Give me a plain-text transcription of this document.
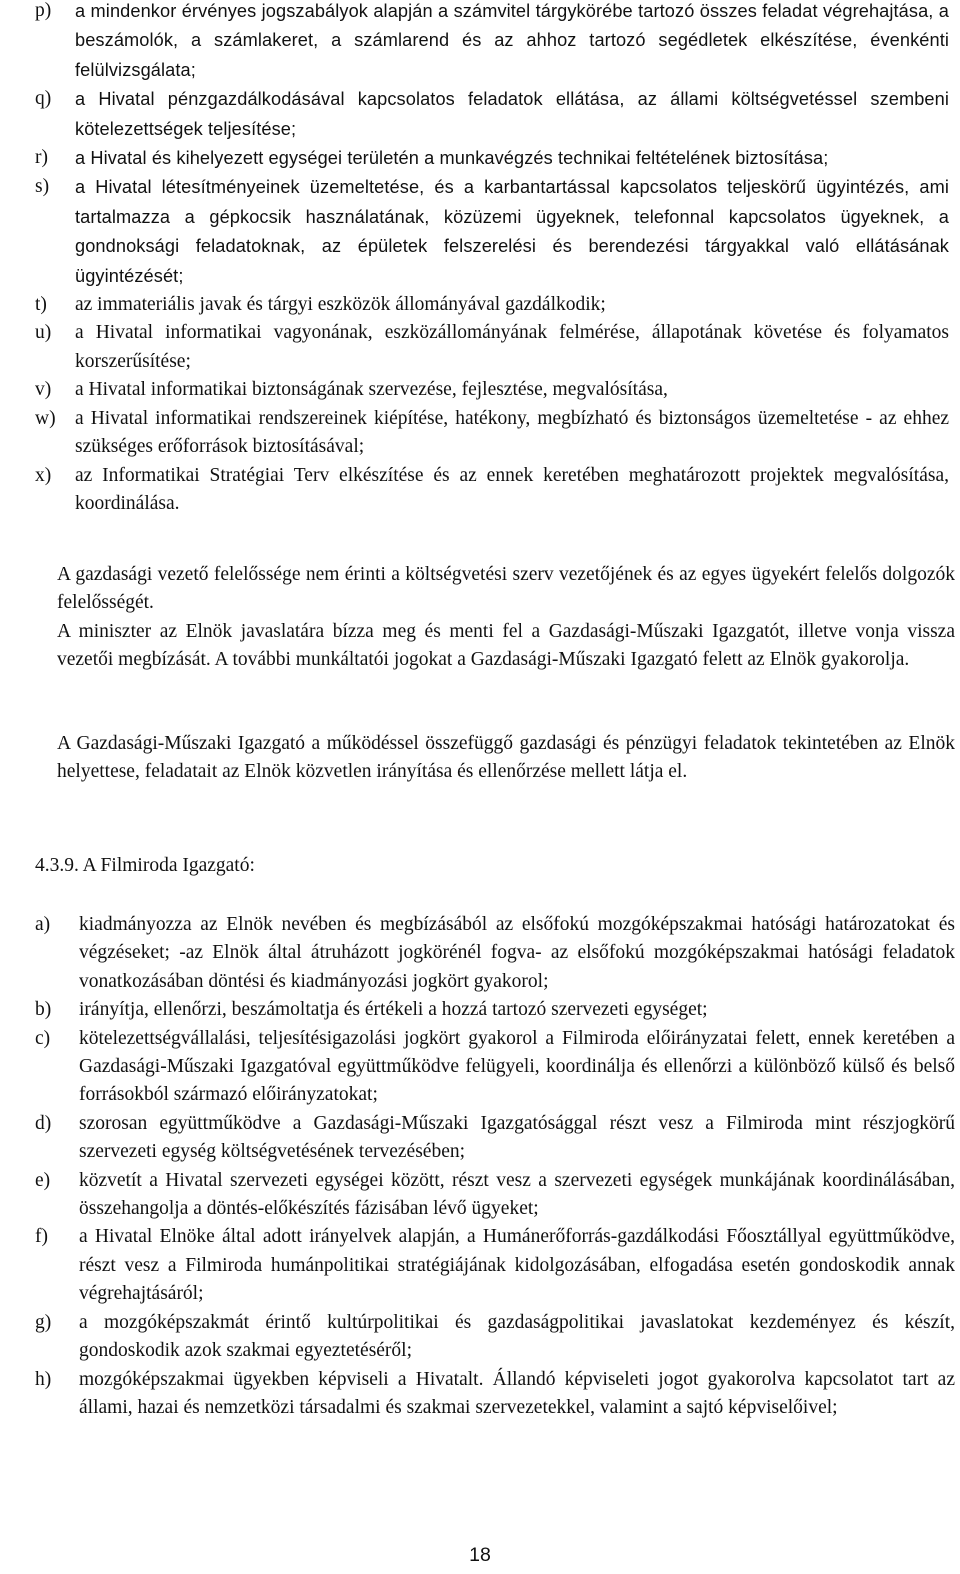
p) a mindenkor érvényes jogszabályok alapján a számvitel tárgykörébe tartozó összes feladat végrehajtása, a beszámolók, a számlakeret, a számlarend és az ahhoz tartozó segédletek elkészítése, évenkénti felülvizsgálata;
q) a Hivatal pénzgazdálkodásával kapcsolatos feladatok ellátása, az állami költségvetéssel szembeni kötelezettségek teljesítése;
r) a Hivatal és kihelyezett egységei területén a munkavégzés technikai feltételének biztosítása;
s) a Hivatal létesítményeinek üzemeltetése, és a karbantartással kapcsolatos teljeskörű ügyintézés, ami tartalmazza a gépkocsik használatának, közüzemi ügyeknek, telefonnal kapcsolatos ügyeknek, a gondnoksági feladatoknak, az épületek felszerelési és berendezési tárgyakkal való ellátásának ügyintézését;
t) az immateriális javak és tárgyi eszközök állományával gazdálkodik;
u) a Hivatal informatikai vagyonának, eszközállományának felmérése, állapotának követése és folyamatos korszerűsítése;
v) a Hivatal informatikai biztonságának szervezése, fejlesztése, megvalósítása,
w) a Hivatal informatikai rendszereinek kiépítése, hatékony, megbízható és biztonságos üzemeltetése - az ehhez szükséges erőforrások biztosításával;
x) az Informatikai Stratégiai Terv elkészítése és az ennek keretében meghatározott projektek megvalósítása, koordinálása.

A gazdasági vezető felelőssége nem érinti a költségvetési szerv vezetőjének és az egyes ügyekért felelős dolgozók felelősségét.

A miniszter az Elnök javaslatára bízza meg és menti fel a Gazdasági-Műszaki Igazgatót, illetve vonja vissza vezetői megbízását. A további munkáltatói jogokat a Gazdasági-Műszaki Igazgató felett az Elnök gyakorolja.

A Gazdasági-Műszaki Igazgató a működéssel összefüggő gazdasági és pénzügyi feladatok tekintetében az Elnök helyettese, feladatait az Elnök közvetlen irányítása és ellenőrzése mellett látja el.

4.3.9. A Filmiroda Igazgató:
a) kiadmányozza az Elnök nevében és megbízásából az elsőfokú mozgóképszakmai hatósági határozatokat és végzéseket; -az Elnök által átruházott jogkörénél fogva- az elsőfokú mozgóképszakmai hatósági feladatok vonatkozásában döntési és kiadmányozási jogkört gyakorol;
b) irányítja, ellenőrzi, beszámoltatja és értékeli a hozzá tartozó szervezeti egységet;
c) kötelezettségvállalási, teljesítésigazolási jogkört gyakorol a Filmiroda előirányzatai felett, ennek keretében a Gazdasági-Műszaki Igazgatóval együttműködve felügyeli, koordinálja és ellenőrzi a különböző külső és belső forrásokból származó előirányzatokat;
d) szorosan együttműködve a Gazdasági-Műszaki Igazgatósággal részt vesz a Filmiroda mint részjogkörű szervezeti egység költségvetésének tervezésében;
e) közvetít a Hivatal szervezeti egységei között, részt vesz a szervezeti egységek munkájának koordinálásában, összehangolja a döntés-előkészítés fázisában lévő ügyeket;
f) a Hivatal Elnöke által adott irányelvek alapján, a Humánerőforrás-gazdálkodási Főosztállyal együttműködve, részt vesz a Filmiroda humánpolitikai stratégiájának kidolgozásában, elfogadása esetén gondoskodik annak végrehajtásáról;
g) a mozgóképszakmát érintő kultúrpolitikai és gazdaságpolitikai javaslatokat kezdeményez és készít, gondoskodik azok szakmai egyeztetéséről;
h) mozgóképszakmai ügyekben képviseli a Hivatalt. Állandó képviseleti jogot gyakorolva kapcsolatot tart az állami, hazai és nemzetközi társadalmi és szakmai szervezetekkel, valamint a sajtó képviselőivel;
18
